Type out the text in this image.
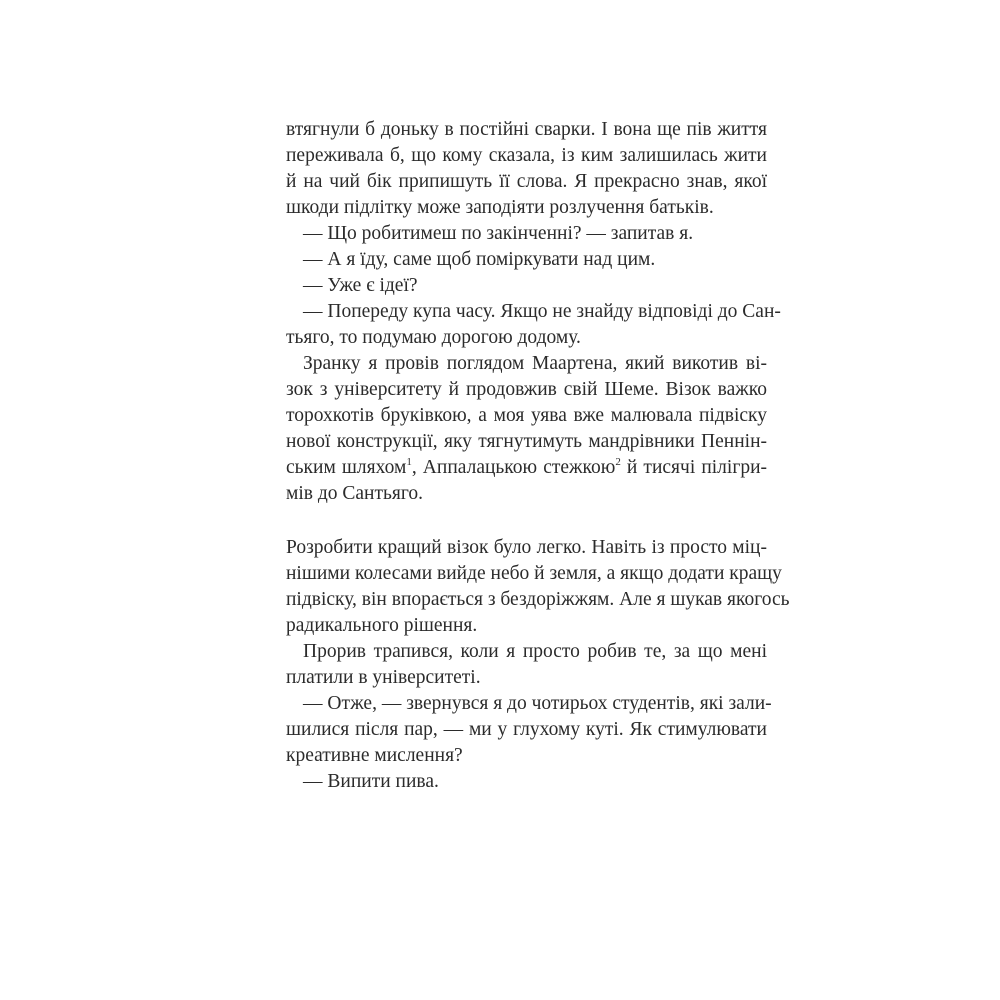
втягнули б доньку в постійні сварки. І вона ще пів життя
переживала б, що кому сказала, із ким залишилась жити
й на чий бік припишуть її слова. Я прекрасно знав, якої
шкоди підлітку може заподіяти розлучення батьків.
— Що робитимеш по закінченні? — запитав я.
— А я їду, саме щоб поміркувати над цим.
— Уже є ідеї?
— Попереду купа часу. Якщо не знайду відповіді до Сан-
тьяго, то подумаю дорогою додому.
Зранку я провів поглядом Маартена, який викотив ві-
зок з університету й продовжив свій Шеме. Візок важко
торохкотів бруківкою, а моя уява вже малювала підвіску
нової конструкції, яку тягнутимуть мандрівники Пеннін-
ським шляхом$^1$, Аппалацькою стежкою$^2$ й тисячі пілігри-
мів до Сантьяго.
Розробити кращий візок було легко. Навіть із просто міц-
нішими колесами вийде небо й земля, а якщо додати кращу
підвіску, він впорається з бездоріжжям. Але я шукав якогось
радикального рішення.
Прорив трапився, коли я просто робив те, за що мені
платили в університеті.
— Отже, — звернувся я до чотирьох студентів, які зали-
шилися після пар, — ми у глухому куті. Як стимулювати
креативне мислення?
— Випити пива.
